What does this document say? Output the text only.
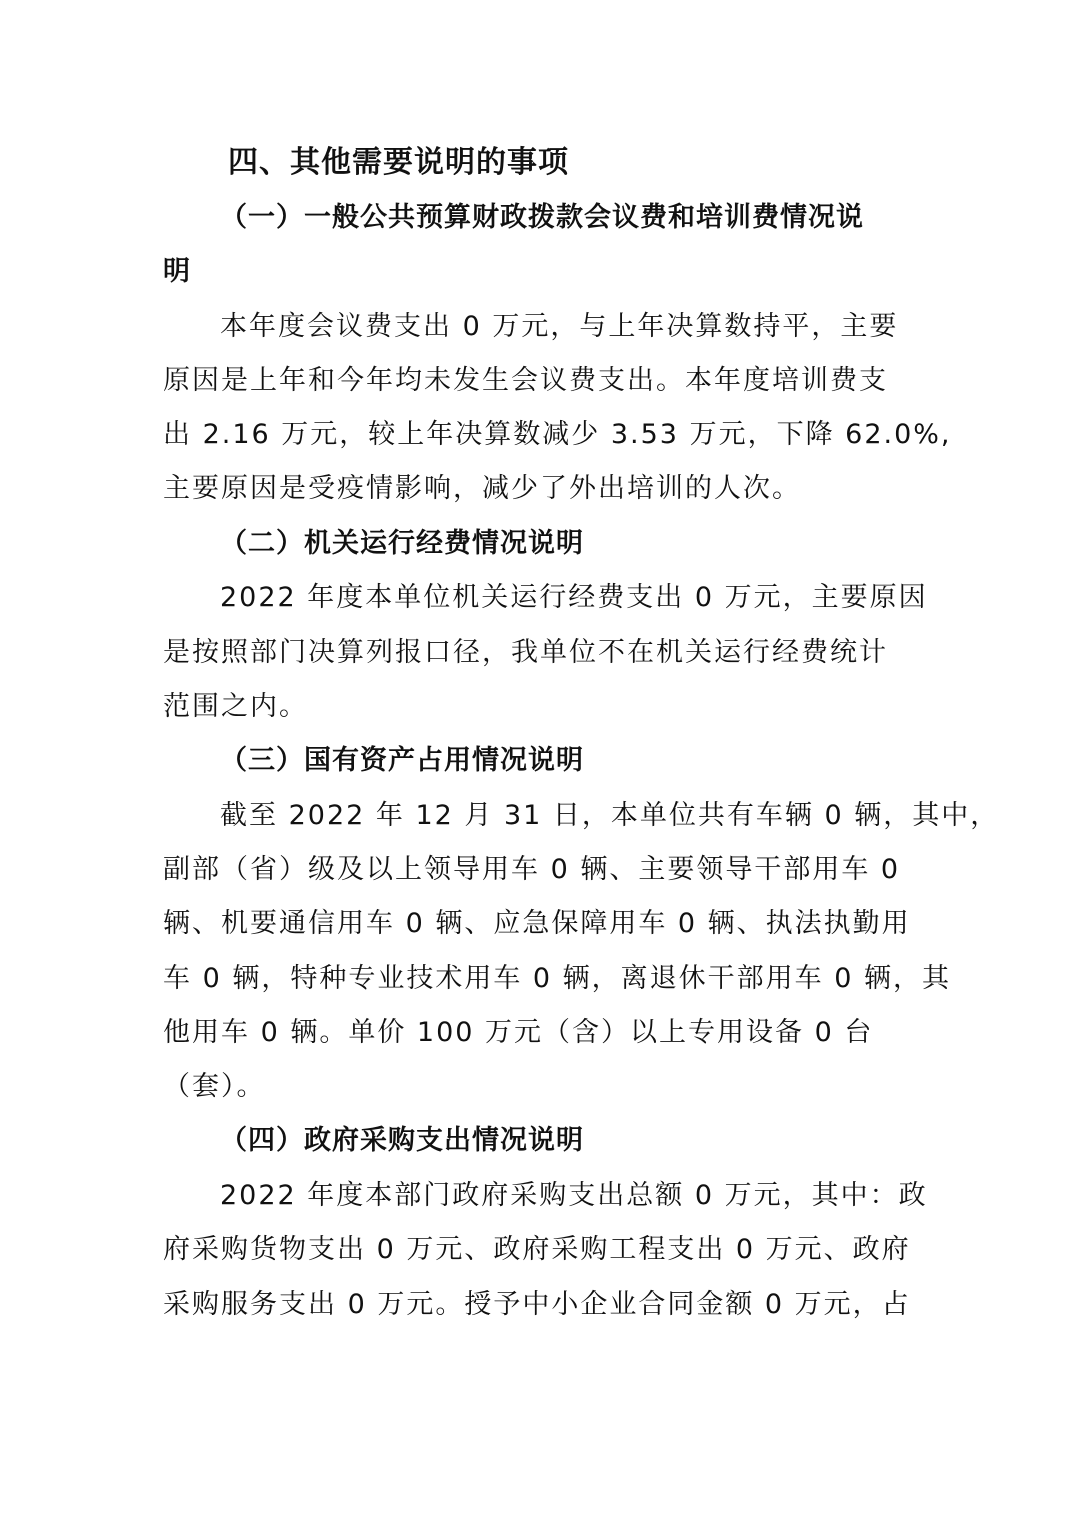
四、其他需要说明的事项
（一）一般公共预算财政拨款会议费和培训费情况说
明
本年度会议费支出 0 万元，与上年决算数持平，主要
原因是上年和今年均未发生会议费支出。本年度培训费支
出 2.16 万元，较上年决算数减少 3.53 万元，下降 62.0%,
主要原因是受疫情影响，减少了外出培训的人次。
（二）机关运行经费情况说明
2022 年度本单位机关运行经费支出 0 万元，主要原因
是按照部门决算列报口径，我单位不在机关运行经费统计
范围之内。
（三）国有资产占用情况说明
截至 2022 年 12 月 31 日，本单位共有车辆 0 辆，其中，
副部（省）级及以上领导用车 0 辆、主要领导干部用车 0
辆、机要通信用车 0 辆、应急保障用车 0 辆、执法执勤用
车 0 辆，特种专业技术用车 0 辆，离退休干部用车 0 辆，其
他用车 0 辆。单价 100 万元（含）以上专用设备 0 台
（套）。
（四）政府采购支出情况说明
2022 年度本部门政府采购支出总额 0 万元，其中：政
府采购货物支出 0 万元、政府采购工程支出 0 万元、政府
采购服务支出 0 万元。授予中小企业合同金额 0 万元，占
